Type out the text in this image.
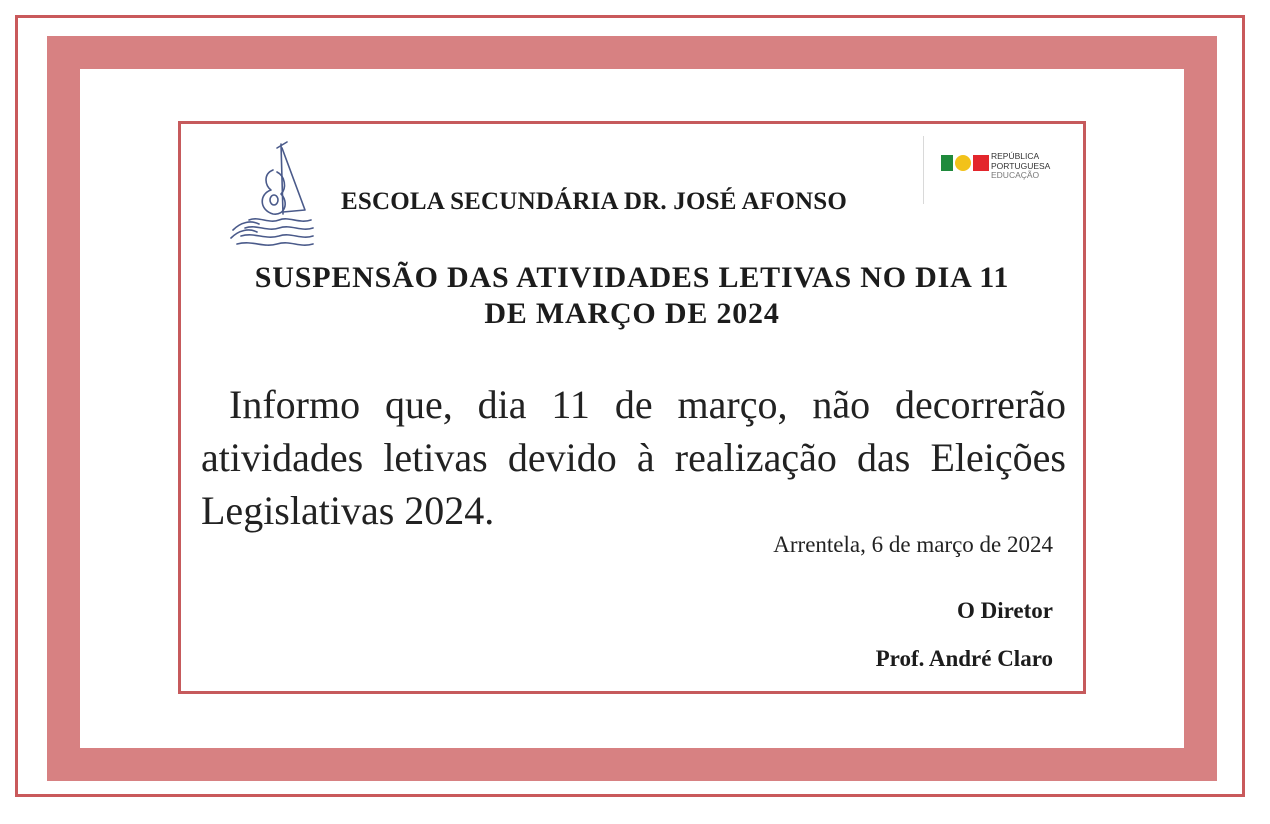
ESCOLA SECUNDÁRIA DR. JOSÉ AFONSO
REPÚBLICA
PORTUGUESA
EDUCAÇÃO
SUSPENSÃO DAS ATIVIDADES LETIVAS NO DIA 11
DE MARÇO DE 2024
Informo que, dia 11 de março, não decorrerão atividades letivas devido à realização das Eleições Legislativas 2024.
Arrentela, 6 de março de 2024
O Diretor
Prof. André Claro
